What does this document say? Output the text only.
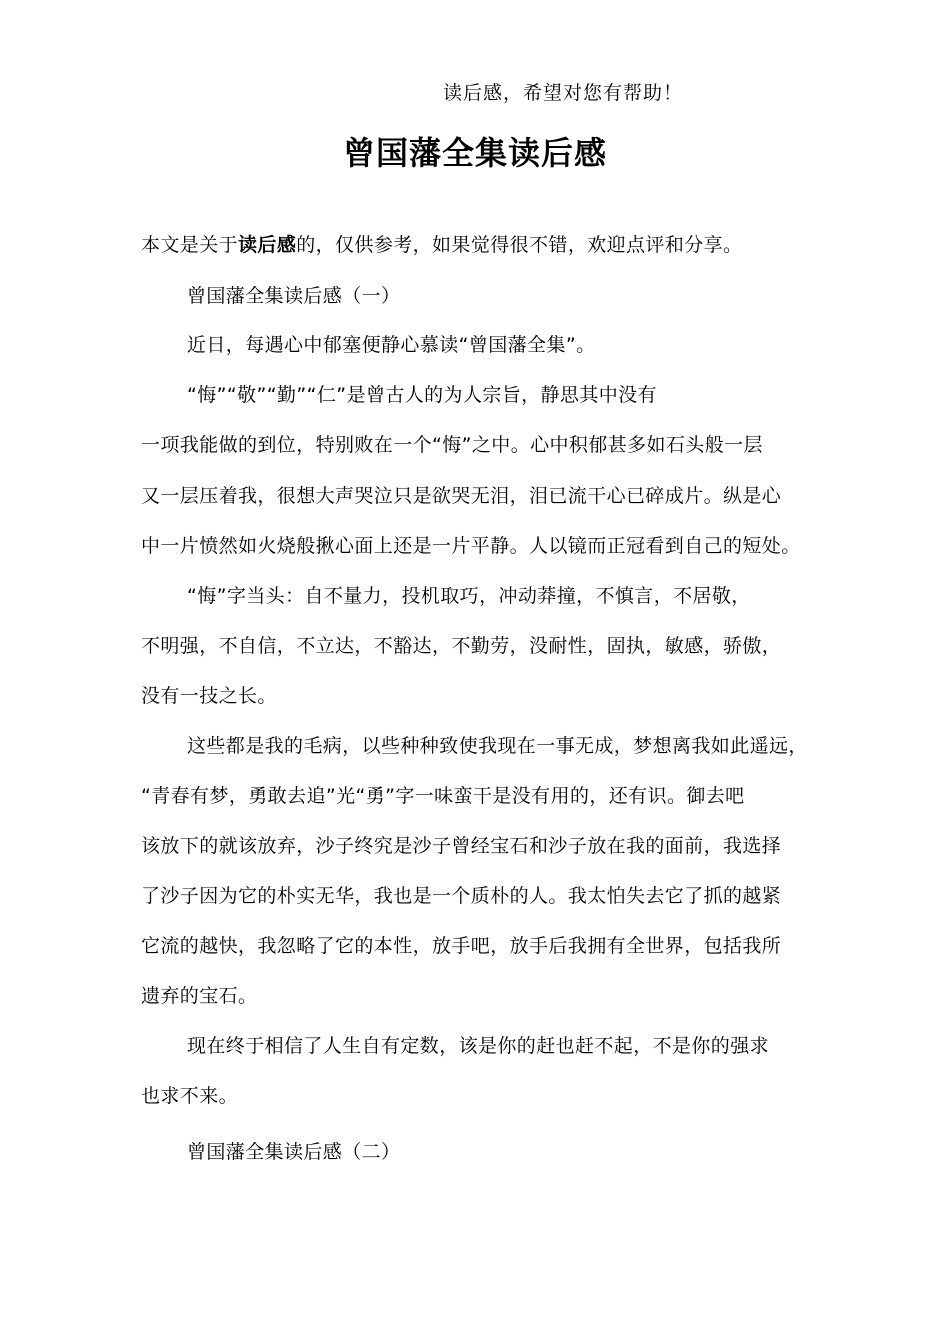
读后感，希望对您有帮助！
曾国藩全集读后感
本文是关于读后感的，仅供参考，如果觉得很不错，欢迎点评和分享。
曾国藩全集读后感（一）
近日，每遇心中郁塞便静心慕读“曾国藩全集”。
“悔”“敬”“勤”“仁”是曾古人的为人宗旨，静思其中没有
一项我能做的到位，特别败在一个“悔”之中。心中积郁甚多如石头般一层
又一层压着我，很想大声哭泣只是欲哭无泪，泪已流干心已碎成片。纵是心
中一片愤然如火烧般揪心面上还是一片平静。人以镜而正冠看到自己的短处。
“悔”字当头：自不量力，投机取巧，冲动莽撞，不慎言，不居敬，
不明强，不自信，不立达，不豁达，不勤劳，没耐性，固执，敏感，骄傲，
没有一技之长。
这些都是我的毛病，以些种种致使我现在一事无成，梦想离我如此遥远，
“青春有梦，勇敢去追”光“勇”字一味蛮干是没有用的，还有识。御去吧
该放下的就该放弃，沙子终究是沙子曾经宝石和沙子放在我的面前，我选择
了沙子因为它的朴实无华，我也是一个质朴的人。我太怕失去它了抓的越紧
它流的越快，我忽略了它的本性，放手吧，放手后我拥有全世界，包括我所
遗弃的宝石。
现在终于相信了人生自有定数，该是你的赶也赶不起，不是你的强求
也求不来。
曾国藩全集读后感（二）
